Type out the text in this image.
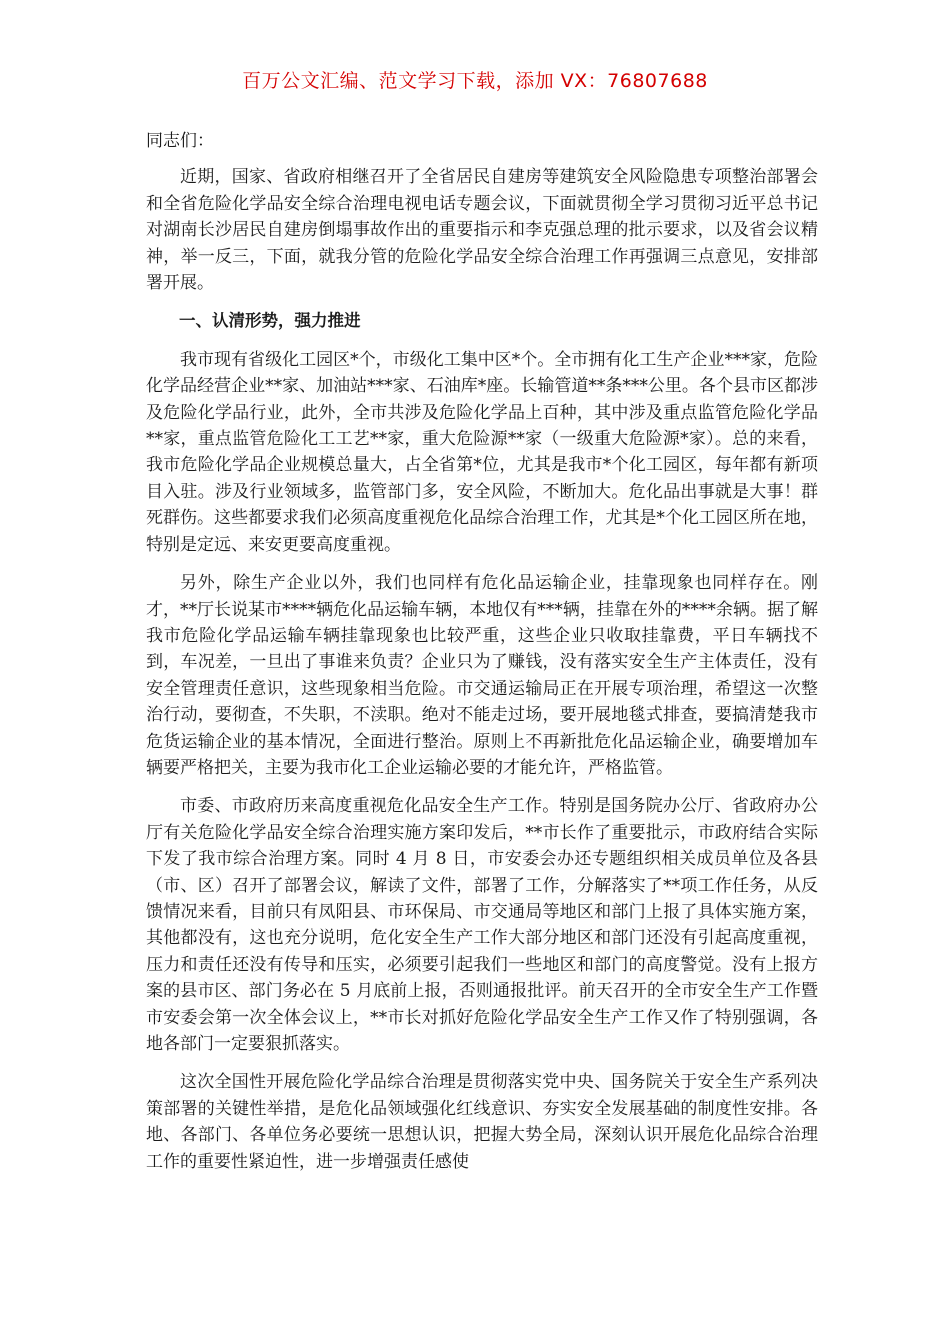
百万公文汇编、范文学习下载，添加 VX：76807688

同志们：

近期，国家、省政府相继召开了全省居民自建房等建筑安全风险隐患专项整治部署会和全省危险化学品安全综合治理电视电话专题会议，下面就贯彻全学习贯彻习近平总书记对湖南长沙居民自建房倒塌事故作出的重要指示和李克强总理的批示要求，以及省会议精神，举一反三，下面，就我分管的危险化学品安全综合治理工作再强调三点意见，安排部署开展。

一、认清形势，强力推进

我市现有省级化工园区*个，市级化工集中区*个。全市拥有化工生产企业***家，危险化学品经营企业**家、加油站***家、石油库*座。长输管道**条***公里。各个县市区都涉及危险化学品行业，此外，全市共涉及危险化学品上百种，其中涉及重点监管危险化学品**家，重点监管危险化工工艺**家，重大危险源**家（一级重大危险源*家）。总的来看，我市危险化学品企业规模总量大，占全省第*位，尤其是我市*个化工园区，每年都有新项目入驻。涉及行业领域多，监管部门多，安全风险，不断加大。危化品出事就是大事！群死群伤。这些都要求我们必须高度重视危化品综合治理工作，尤其是*个化工园区所在地，特别是定远、来安更要高度重视。

另外，除生产企业以外，我们也同样有危化品运输企业，挂靠现象也同样存在。刚才，**厅长说某市****辆危化品运输车辆，本地仅有***辆，挂靠在外的****余辆。据了解我市危险化学品运输车辆挂靠现象也比较严重，这些企业只收取挂靠费，平日车辆找不到，车况差，一旦出了事谁来负责？企业只为了赚钱，没有落实安全生产主体责任，没有安全管理责任意识，这些现象相当危险。市交通运输局正在开展专项治理，希望这一次整治行动，要彻查，不失职，不渎职。绝对不能走过场，要开展地毯式排查，要搞清楚我市危货运输企业的基本情况，全面进行整治。原则上不再新批危化品运输企业，确要增加车辆要严格把关，主要为我市化工企业运输必要的才能允许，严格监管。

市委、市政府历来高度重视危化品安全生产工作。特别是国务院办公厅、省政府办公厅有关危险化学品安全综合治理实施方案印发后，**市长作了重要批示，市政府结合实际下发了我市综合治理方案。同时 4 月 8 日，市安委会办还专题组织相关成员单位及各县（市、区）召开了部署会议，解读了文件，部署了工作，分解落实了**项工作任务，从反馈情况来看，目前只有凤阳县、市环保局、市交通局等地区和部门上报了具体实施方案，其他都没有，这也充分说明，危化安全生产工作大部分地区和部门还没有引起高度重视，压力和责任还没有传导和压实，必须要引起我们一些地区和部门的高度警觉。没有上报方案的县市区、部门务必在 5 月底前上报，否则通报批评。前天召开的全市安全生产工作暨市安委会第一次全体会议上，**市长对抓好危险化学品安全生产工作又作了特别强调，各地各部门一定要狠抓落实。

这次全国性开展危险化学品综合治理是贯彻落实党中央、国务院关于安全生产系列决策部署的关键性举措，是危化品领域强化红线意识、夯实安全发展基础的制度性安排。各地、各部门、各单位务必要统一思想认识，把握大势全局，深刻认识开展危化品综合治理工作的重要性紧迫性，进一步增强责任感使
